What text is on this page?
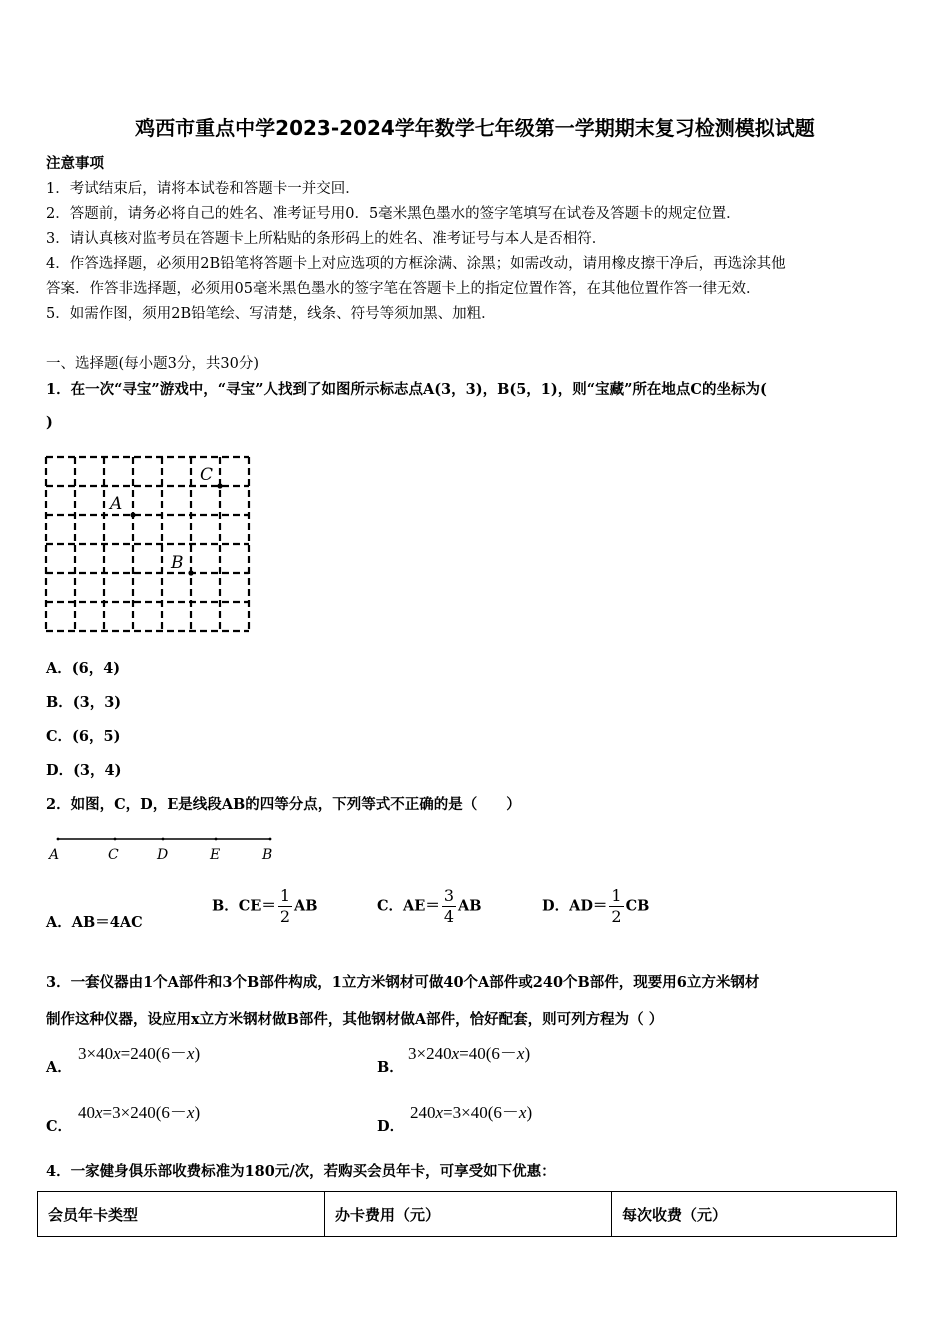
鸡西市重点中学2023-2024学年数学七年级第一学期期末复习检测模拟试题
注意事项
1．考试结束后，请将本试卷和答题卡一并交回．
2．答题前，请务必将自己的姓名、准考证号用0．5毫米黑色墨水的签字笔填写在试卷及答题卡的规定位置．
3．请认真核对监考员在答题卡上所粘贴的条形码上的姓名、准考证号与本人是否相符．
4．作答选择题，必须用2B铅笔将答题卡上对应选项的方框涂满、涂黑；如需改动，请用橡皮擦干净后，再选涂其他
答案．作答非选择题，必须用05毫米黑色墨水的签字笔在答题卡上的指定位置作答，在其他位置作答一律无效．
5．如需作图，须用2B铅笔绘、写清楚，线条、符号等须加黑、加粗．
一、选择题(每小题3分，共30分)
1．在一次“寻宝”游戏中，“寻宝”人找到了如图所示标志点A(3，3)，B(5，1)，则“宝藏”所在地点C的坐标为(
)
A
B
C
A．(6，4)
B．(3，3)
C．(6，5)
D．(3，4)
2．如图，C，D，E是线段AB的四等分点，下列等式不正确的是（　　）
A	C	D	E	B
A．AB＝4AC
B．$CE= \frac{1}{2}$ AB	C．$AE= \frac{3}{4}$ AB	D．$AD= \frac{1}{2}$ CB
3．一套仪器由1个A部件和3个B部件构成，1立方米钢材可做40个A部件或240个B部件，现要用6立方米钢材
制作这种仪器，设应用x立方米钢材做B部件，其他钢材做A部件，恰好配套，则可列方程为（ ）
A．
3×40x=240(6－x)
B．
3×240x=40(6－x)
C．
40x=3×240(6－x)
D．
240x=3×40(6－x)
4．一家健身俱乐部收费标准为180元/次，若购买会员年卡，可享受如下优惠：
会员年卡类型	办卡费用（元）	每次收费（元）
